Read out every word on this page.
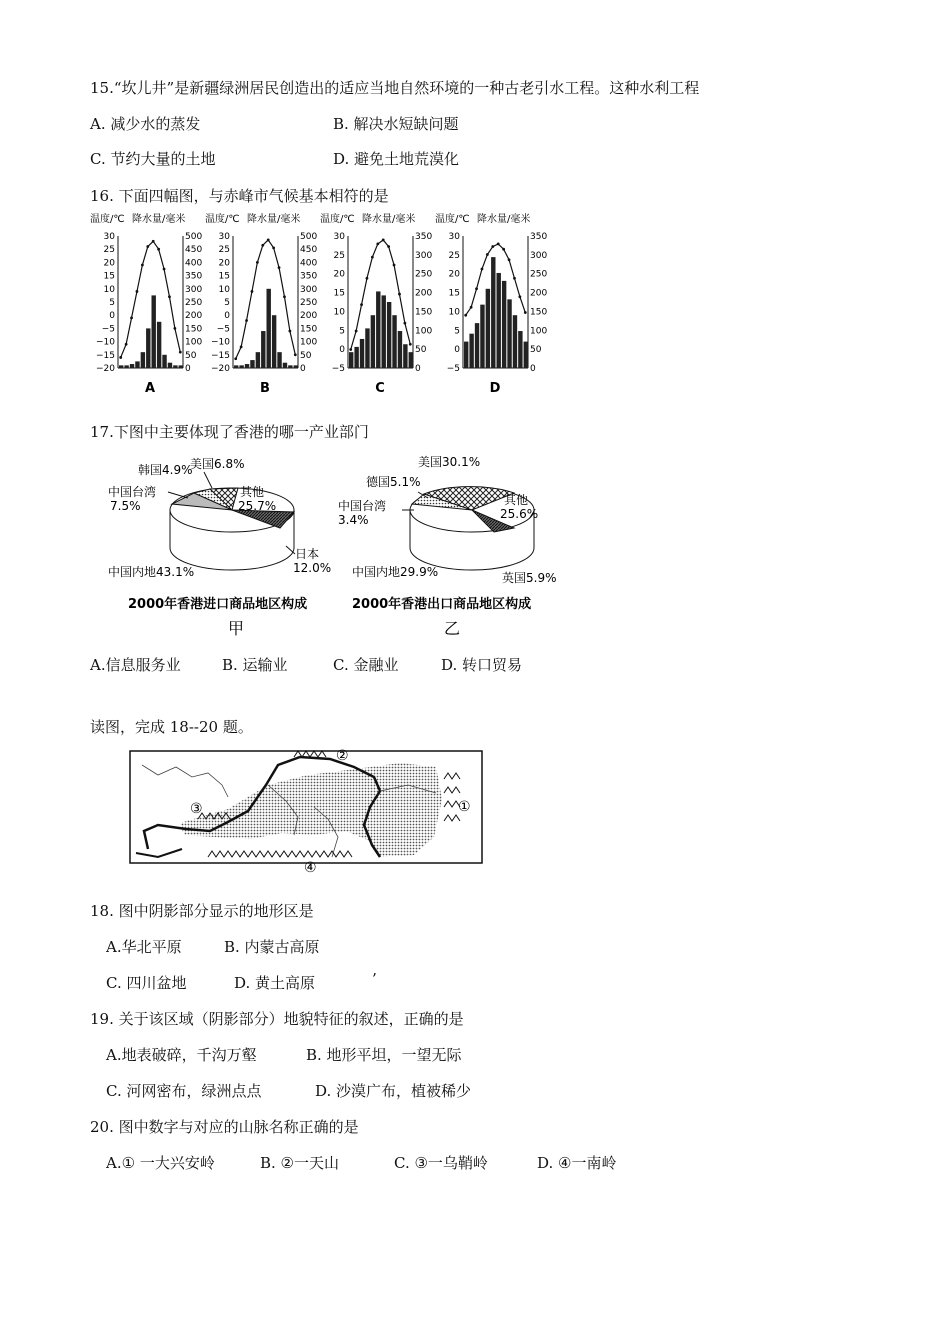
15.“坎儿井”是新疆绿洲居民创造出的适应当地自然环境的一种古老引水工程。这种水利工程
A. 减少水的蒸发	B. 解决水短缺问题
C. 节约大量的土地	D. 避免土地荒漠化
16. 下面四幅图，与赤峰市气候基本相符的是
温度/℃ 降水量/毫米
30
25
20
15
10
5
0
−5
−10
−15
−20
500
450
400
350
300
250
200
150
100
50
0
A
温度/℃ 降水量/毫米
30
25
20
15
10
5
0
−5
−10
−15
−20
500
450
400
350
300
250
200
150
100
50
0
B
温度/℃ 降水量/毫米
30
25
20
15
10
5
0
−5
350
300
250
200
150
100
50
0
C
温度/℃ 降水量/毫米
30
25
20
15
10
5
0
−5
350
300
250
200
150
100
50
0
D
17.下图中主要体现了香港的哪一产业部门
美国6.8%
韩国4.9%
中国台湾
7.5%
其他
25.7%
日本
12.0%
中国内地43.1%
2000年香港进口商品地区构成
甲
美国30.1%
德国5.1%
中国台湾
3.4%
其他
25.6%
中国内地29.9%	英国5.9%
2000年香港出口商品地区构成
乙
A.信息服务业	B. 运输业	C. 金融业	D. 转口贸易
读图，完成 18--20 题。
①
②
③
④
18. 图中阴影部分显示的地形区是
A.华北平原	B. 内蒙古高原
C. 四川盆地	D. 黄土高原	’
19. 关于该区域（阴影部分）地貌特征的叙述，正确的是
A.地表破碎，千沟万壑	B. 地形平坦，一望无际
C. 河网密布，绿洲点点	D. 沙漠广布，植被稀少
20. 图中数字与对应的山脉名称正确的是
A.① 一大兴安岭	B. ②一天山	C. ③一乌鞘岭	D. ④一南岭
